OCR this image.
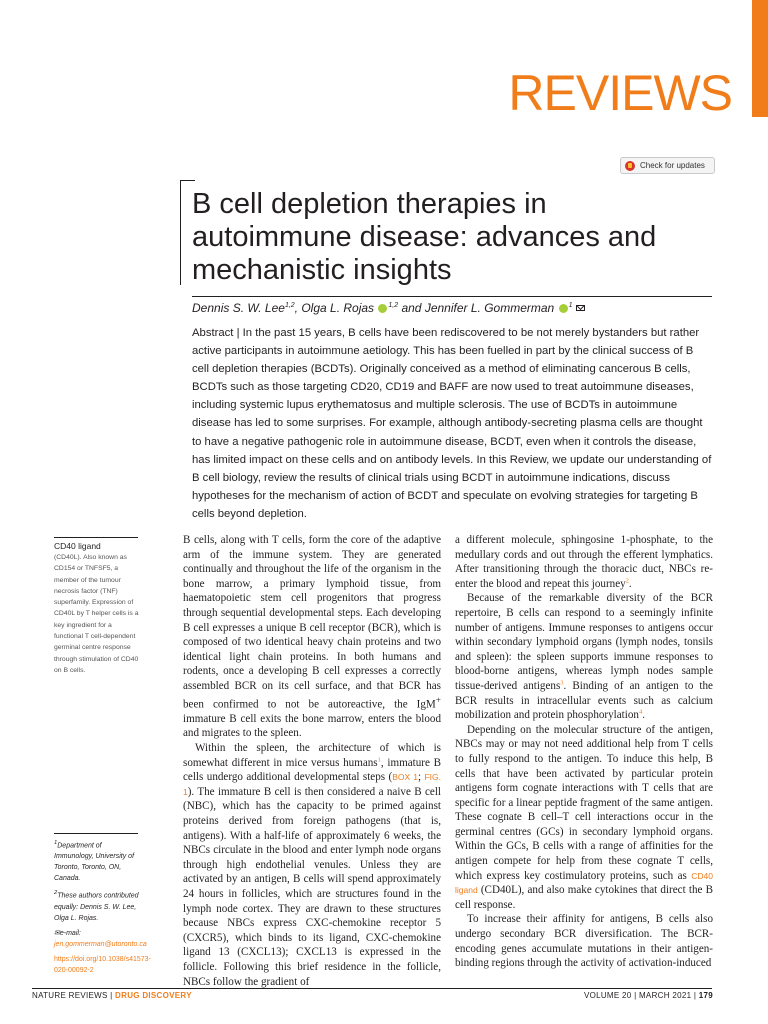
REVIEWS
Check for updates
B cell depletion therapies in autoimmune disease: advances and mechanistic insights
Dennis S. W. Lee$^{1,2}$, Olga L. Rojas $^{1,2}$ and Jennifer L. Gommerman $^1$
Abstract | In the past 15 years, B cells have been rediscovered to be not merely bystanders but rather active participants in autoimmune aetiology. This has been fuelled in part by the clinical success of B cell depletion therapies (BCDTs). Originally conceived as a method of eliminating cancerous B cells, BCDTs such as those targeting CD20, CD19 and BAFF are now used to treat autoimmune diseases, including systemic lupus erythematosus and multiple sclerosis. The use of BCDTs in autoimmune disease has led to some surprises. For example, although antibody-secreting plasma cells are thought to have a negative pathogenic role in autoimmune disease, BCDT, even when it controls the disease, has limited impact on these cells and on antibody levels. In this Review, we update our understanding of B cell biology, review the results of clinical trials using BCDT in autoimmune indications, discuss hypotheses for the mechanism of action of BCDT and speculate on evolving strategies for targeting B cells beyond depletion.
CD40 ligand
(CD40L). Also known as CD154 or TNFSF5, a member of the tumour necrosis factor (TNF) superfamily. Expression of CD40L by T helper cells is a key ingredient for a functional T cell-dependent germinal centre response through stimulation of CD40 on B cells.

$^1$Department of Immunology, University of Toronto, Toronto, ON, Canada.

$^2$These authors contributed equally: Dennis S. W. Lee, Olga L. Rojas.

✉e-mail: jen.gommerman@utoronto.ca

https://doi.org/10.1038/s41573-020-00092-2

B cells, along with T cells, form the core of the adaptive arm of the immune system. They are generated continually and throughout the life of the organism in the bone marrow, a primary lymphoid tissue, from haematopoietic stem cell progenitors that progress through sequential developmental steps. Each developing B cell expresses a unique B cell receptor (BCR), which is composed of two identical heavy chain proteins and two identical light chain proteins. In both humans and rodents, once a developing B cell expresses a correctly assembled BCR on its cell surface, and that BCR has been confirmed to not be autoreactive, the IgM+ immature B cell exits the bone marrow, enters the blood and migrates to the spleen.

Within the spleen, the architecture of which is somewhat different in mice versus humans$^1$, immature B cells undergo additional developmental steps (BOX 1; FIG. 1). The immature B cell is then considered a naive B cell (NBC), which has the capacity to be primed against proteins derived from foreign pathogens (that is, antigens). With a half-life of approximately 6 weeks, the NBCs circulate in the blood and enter lymph node organs through high endothelial venules. Unless they are activated by an antigen, B cells will spend approximately 24 hours in follicles, which are structures found in the lymph node cortex. They are drawn to these structures because NBCs express CXC-chemokine receptor 5 (CXCR5), which binds to its ligand, CXC-chemokine ligand 13 (CXCL13); CXCL13 is expressed in the follicle. Following this brief residence in the follicle, NBCs follow the gradient of

a different molecule, sphingosine 1-phosphate, to the medullary cords and out through the efferent lymphatics. After transitioning through the thoracic duct, NBCs re-enter the blood and repeat this journey$^2$.

Because of the remarkable diversity of the BCR repertoire, B cells can respond to a seemingly infinite number of antigens. Immune responses to antigens occur within secondary lymphoid organs (lymph nodes, tonsils and spleen): the spleen supports immune responses to blood-borne antigens, whereas lymph nodes sample tissue-derived antigens$^3$. Binding of an antigen to the BCR results in intracellular events such as calcium mobilization and protein phosphorylation$^4$.

Depending on the molecular structure of the antigen, NBCs may or may not need additional help from T cells to fully respond to the antigen. To induce this help, B cells that have been activated by particular protein antigens form cognate interactions with T cells that are specific for a linear peptide fragment of the same antigen. These cognate B cell–T cell interactions occur in the germinal centres (GCs) in secondary lymphoid organs. Within the GCs, B cells with a range of affinities for the antigen compete for help from these cognate T cells, which express key costimulatory proteins, such as CD40 ligand (CD40L), and also make cytokines that direct the B cell response.

To increase their affinity for antigens, B cells also undergo secondary BCR diversification. The BCR-encoding genes accumulate mutations in their antigen-binding regions through the activity of activation-induced

NATURE REVIEWS | DRUG DISCOVERY	VOLUME 20 | MARCH 2021 | 179
